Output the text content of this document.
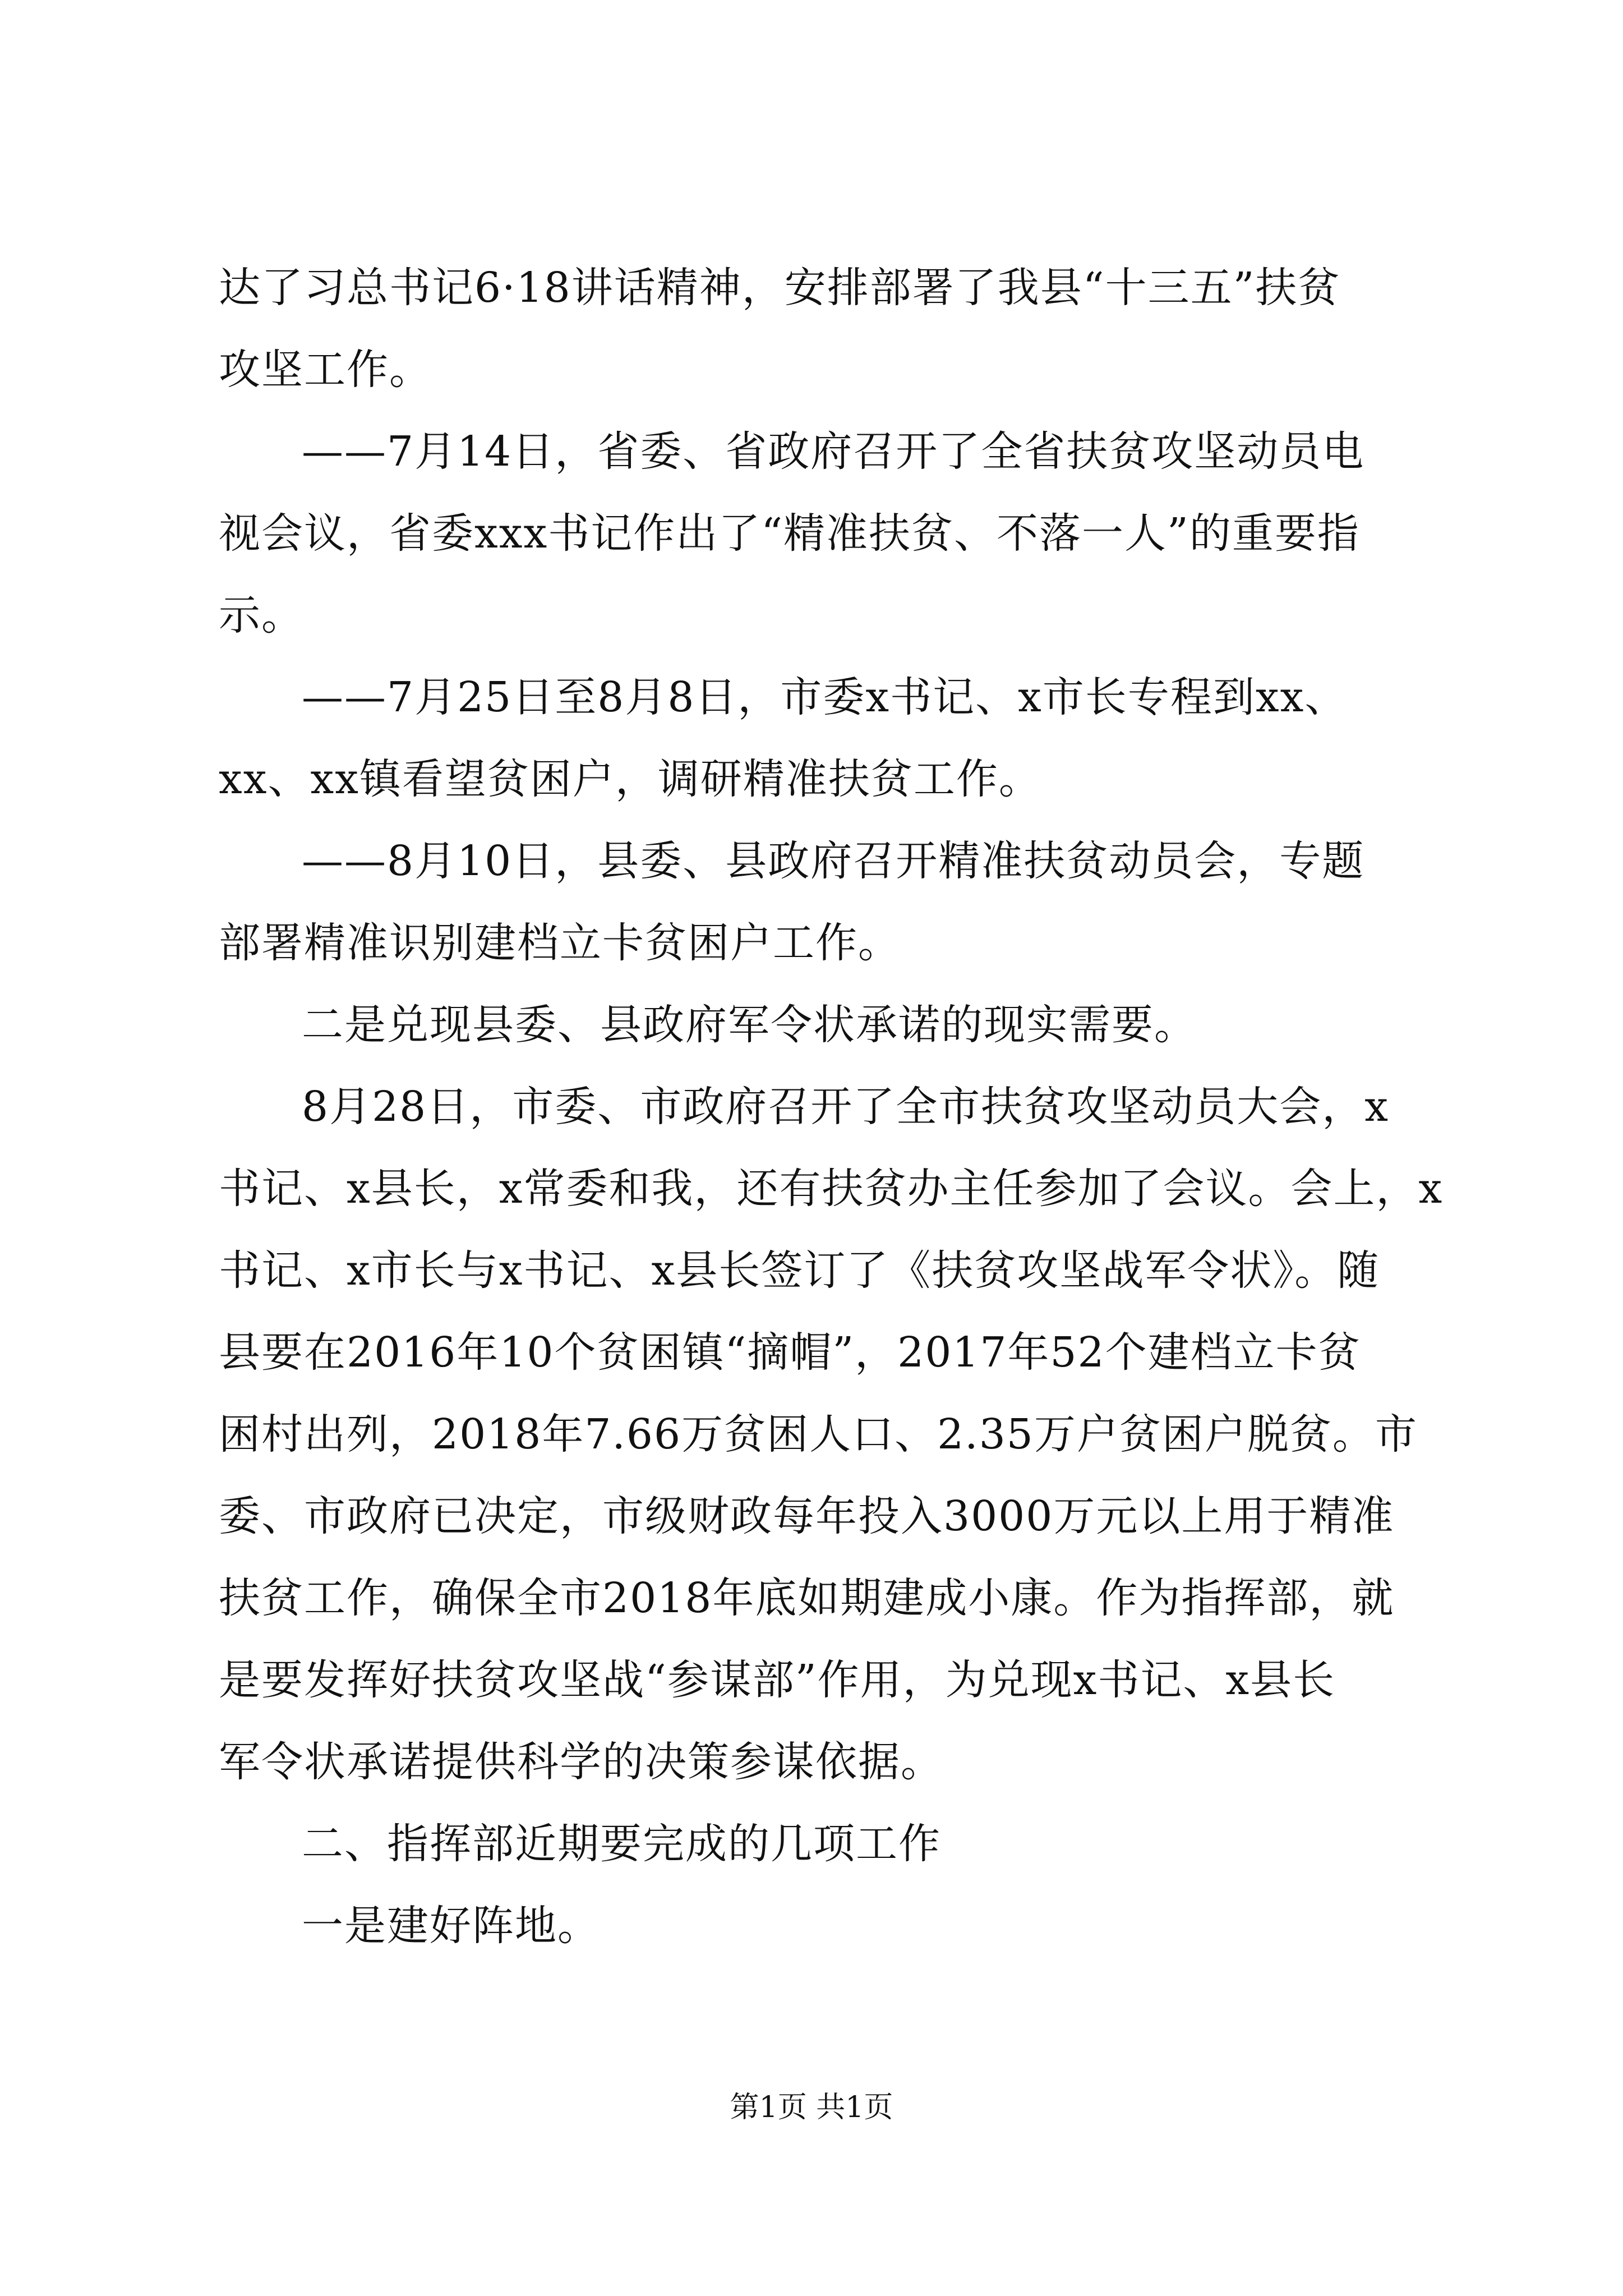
达了习总书记6·18讲话精神，安排部署了我县“十三五”扶贫
攻坚工作。
——7月14日，省委、省政府召开了全省扶贫攻坚动员电
视会议，省委xxx书记作出了“精准扶贫、不落一人”的重要指
示。
——7月25日至8月8日，市委x书记、x市长专程到xx、
xx、xx镇看望贫困户，调研精准扶贫工作。
——8月10日，县委、县政府召开精准扶贫动员会，专题
部署精准识别建档立卡贫困户工作。
二是兑现县委、县政府军令状承诺的现实需要。
8月28日，市委、市政府召开了全市扶贫攻坚动员大会，x
书记、x县长，x常委和我，还有扶贫办主任参加了会议。会上，x
书记、x市长与x书记、x县长签订了《扶贫攻坚战军令状》。随
县要在2016年10个贫困镇“摘帽”，2017年52个建档立卡贫
困村出列，2018年7.66万贫困人口、2.35万户贫困户脱贫。市
委、市政府已决定，市级财政每年投入3000万元以上用于精准
扶贫工作，确保全市2018年底如期建成小康。作为指挥部，就
是要发挥好扶贫攻坚战“参谋部”作用，为兑现x书记、x县长
军令状承诺提供科学的决策参谋依据。
二、指挥部近期要完成的几项工作
一是建好阵地。
第1页 共1页
